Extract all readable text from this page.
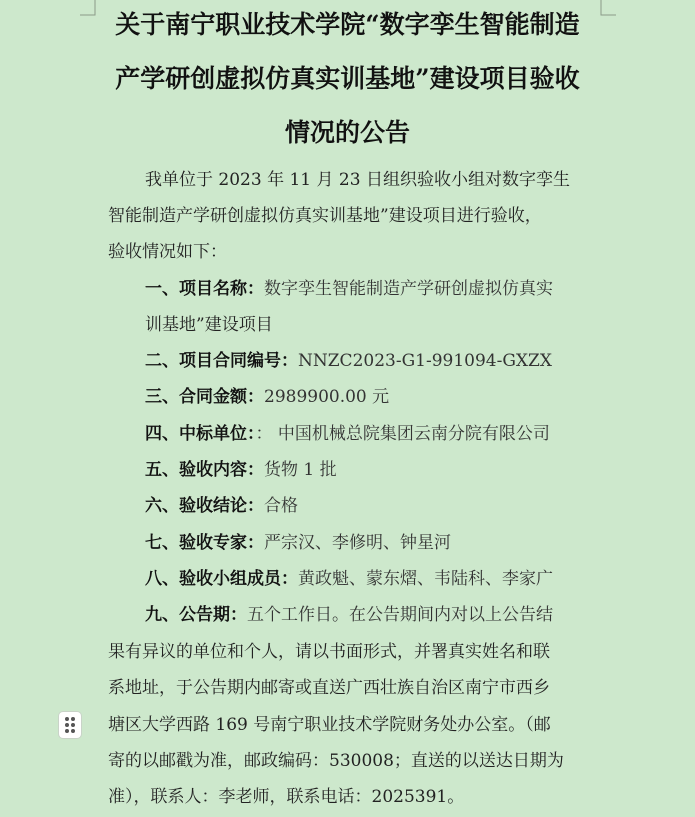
关于南宁职业技术学院“数字孪生智能制造
产学研创虚拟仿真实训基地”建设项目验收
情况的公告
我单位于 2023 年 11 月 23 日组织验收小组对数字孪生
智能制造产学研创虚拟仿真实训基地”建设项目进行验收，
验收情况如下：
一、项目名称：数字孪生智能制造产学研创虚拟仿真实
训基地”建设项目
二、项目合同编号：NNZC2023-G1-991094-GXZX
三、合同金额：2989900.00 元
四、中标单位：： 中国机械总院集团云南分院有限公司
五、验收内容：货物 1 批
六、验收结论：合格
七、验收专家：严宗汉、李修明、钟星河
八、验收小组成员：黄政魁、蒙东熠、韦陆科、李家广
九、公告期：五个工作日。在公告期间内对以上公告结
果有异议的单位和个人，请以书面形式，并署真实姓名和联
系地址，于公告期内邮寄或直送广西壮族自治区南宁市西乡
塘区大学西路 169 号南宁职业技术学院财务处办公室。（邮
寄的以邮戳为准，邮政编码：530008；直送的以送达日期为
准），联系人：李老师，联系电话：2025391。
